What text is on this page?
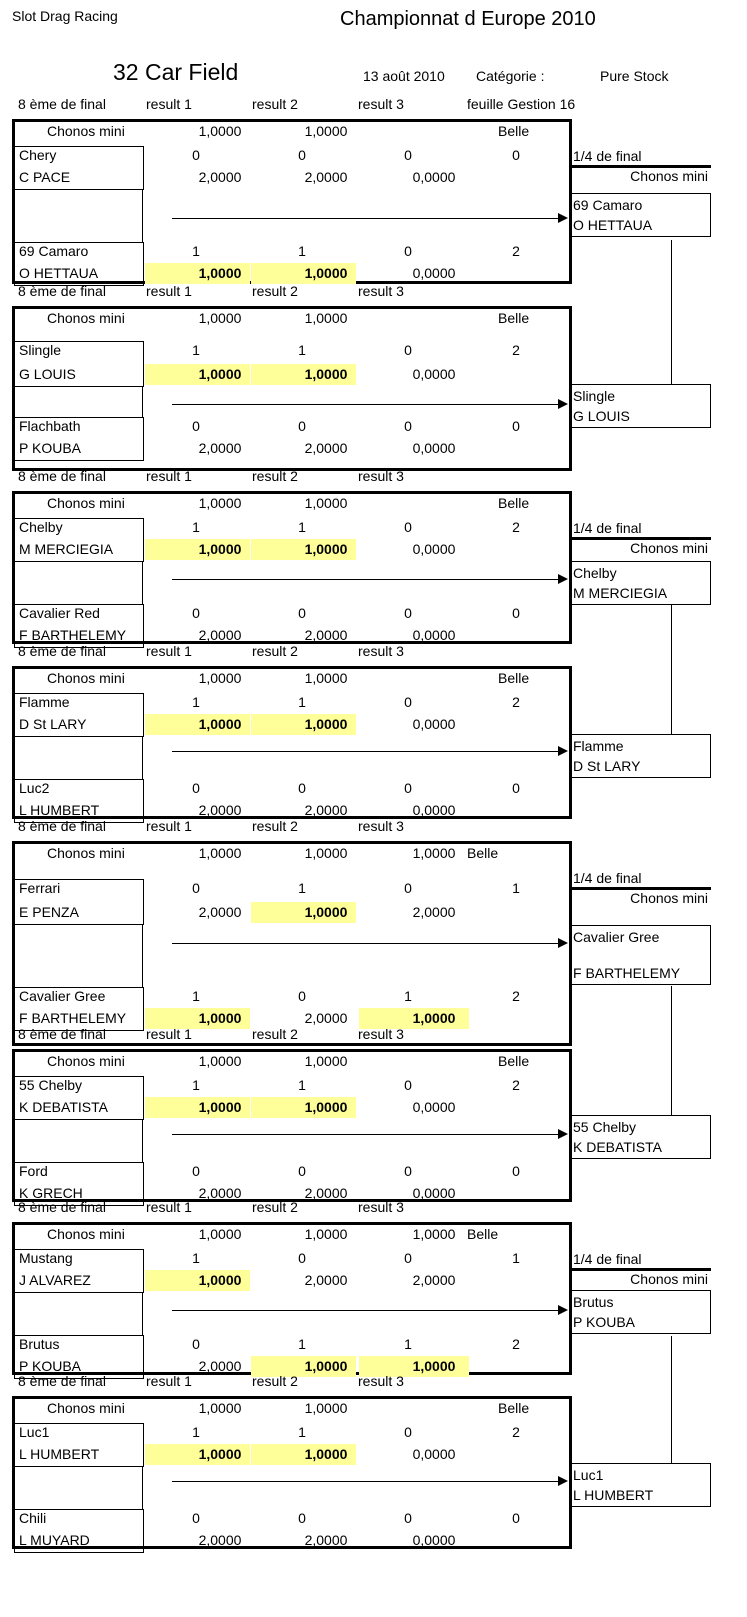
Slot Drag Racing	Championnat d Europe 2010
32 Car Field	13 août 2010 Catégorie :	Pure Stock
8 ème de final	result 1	result 2	result 3	feuille Gestion 16
Chonos mini	1,0000	1,0000	Belle
Chery
C PACE
0	0	0	0
2,0000	2,0000	0,0000
69 Camaro
O HETTAUA
1	1	0	2
1,0000	1,0000	0,0000
1/4 de final
Chonos mini
69 Camaro
O HETTAUA
8 ème de final	result 1	result 2	result 3
Chonos mini	1,0000	1,0000	Belle
Slingle
G LOUIS
1	1	0	2
1,0000	1,0000	0,0000
Flachbath
P KOUBA
0	0	0	0
2,0000	2,0000	0,0000
Slingle
G LOUIS
8 ème de final	result 1	result 2	result 3
Chonos mini	1,0000	1,0000	Belle
Chelby
M MERCIEGIA
1	1	0	2
1,0000	1,0000	0,0000
Cavalier Red
F BARTHELEMY
0	0	0	0
2,0000	2,0000	0,0000
1/4 de final
Chonos mini
Chelby
M MERCIEGIA
8 ème de final	result 1	result 2	result 3
Chonos mini	1,0000	1,0000	Belle
Flamme
D St LARY
1	1	0	2
1,0000	1,0000	0,0000
Luc2
L HUMBERT
0	0	0	0
2,0000	2,0000	0,0000
Flamme
D St LARY
8 ème de final	result 1	result 2	result 3
Chonos mini	1,0000	1,0000	1,0000 Belle
Ferrari
E PENZA
0	1	0	1
2,0000	1,0000	2,0000
Cavalier Gree
F BARTHELEMY
1	0	1	2
1,0000	2,0000	1,0000
1/4 de final
Chonos mini
Cavalier Gree
F BARTHELEMY
8 ème de final	result 1	result 2	result 3
Chonos mini	1,0000	1,0000	Belle
55 Chelby
K DEBATISTA
1	1	0	2
1,0000	1,0000	0,0000
Ford
K GRECH
0	0	0	0
2,0000	2,0000	0,0000
55 Chelby
K DEBATISTA
8 ème de final	result 1	result 2	result 3
Chonos mini	1,0000	1,0000	1,0000 Belle
Mustang
J ALVAREZ
1	0	0	1
1,0000	2,0000	2,0000
Brutus
P KOUBA
0	1	1	2
2,0000	1,0000	1,0000
1/4 de final
Chonos mini
Brutus
P KOUBA
8 ème de final	result 1	result 2	result 3
Chonos mini	1,0000	1,0000	Belle
Luc1
L HUMBERT
1	1	0	2
1,0000	1,0000	0,0000
Chili
L MUYARD
0	0	0	0
2,0000	2,0000	0,0000
Luc1
L HUMBERT
